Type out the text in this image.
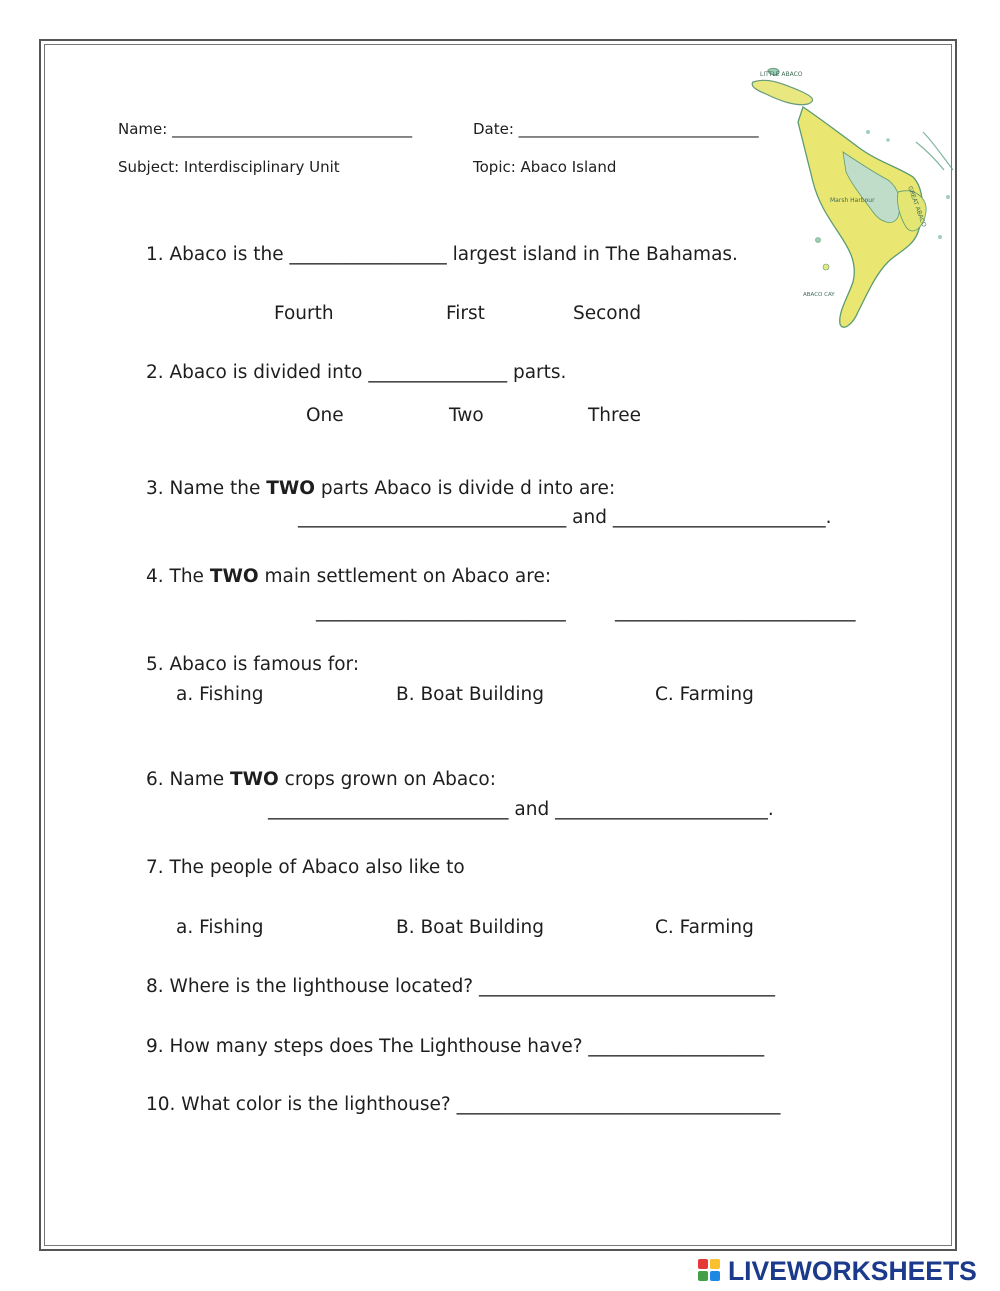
LITTLE ABACO
GREAT ABACO
Marsh Harbour
ABACO CAY
Name: ________________________________	Date: ________________________________
Subject: Interdisciplinary Unit	Topic: Abaco Island
1. Abaco is the _________________ largest island in The Bahamas.
Fourth	First	Second
2. Abaco is divided into _______________ parts.
One	Two	Three
3. Name the TWO parts Abaco is divide d into are:
_____________________________ and _______________________.
4. The TWO main settlement on Abaco are:
___________________________	__________________________
5. Abaco is famous for:
a. Fishing	B. Boat Building	C. Farming
6. Name TWO crops grown on Abaco:
__________________________ and _______________________.
7. The people of Abaco also like to
a. Fishing	B. Boat Building	C. Farming
8. Where is the lighthouse located? ________________________________
9. How many steps does The Lighthouse have? ___________________
10. What color is the lighthouse? ___________________________________
LIVEWORKSHEETS
